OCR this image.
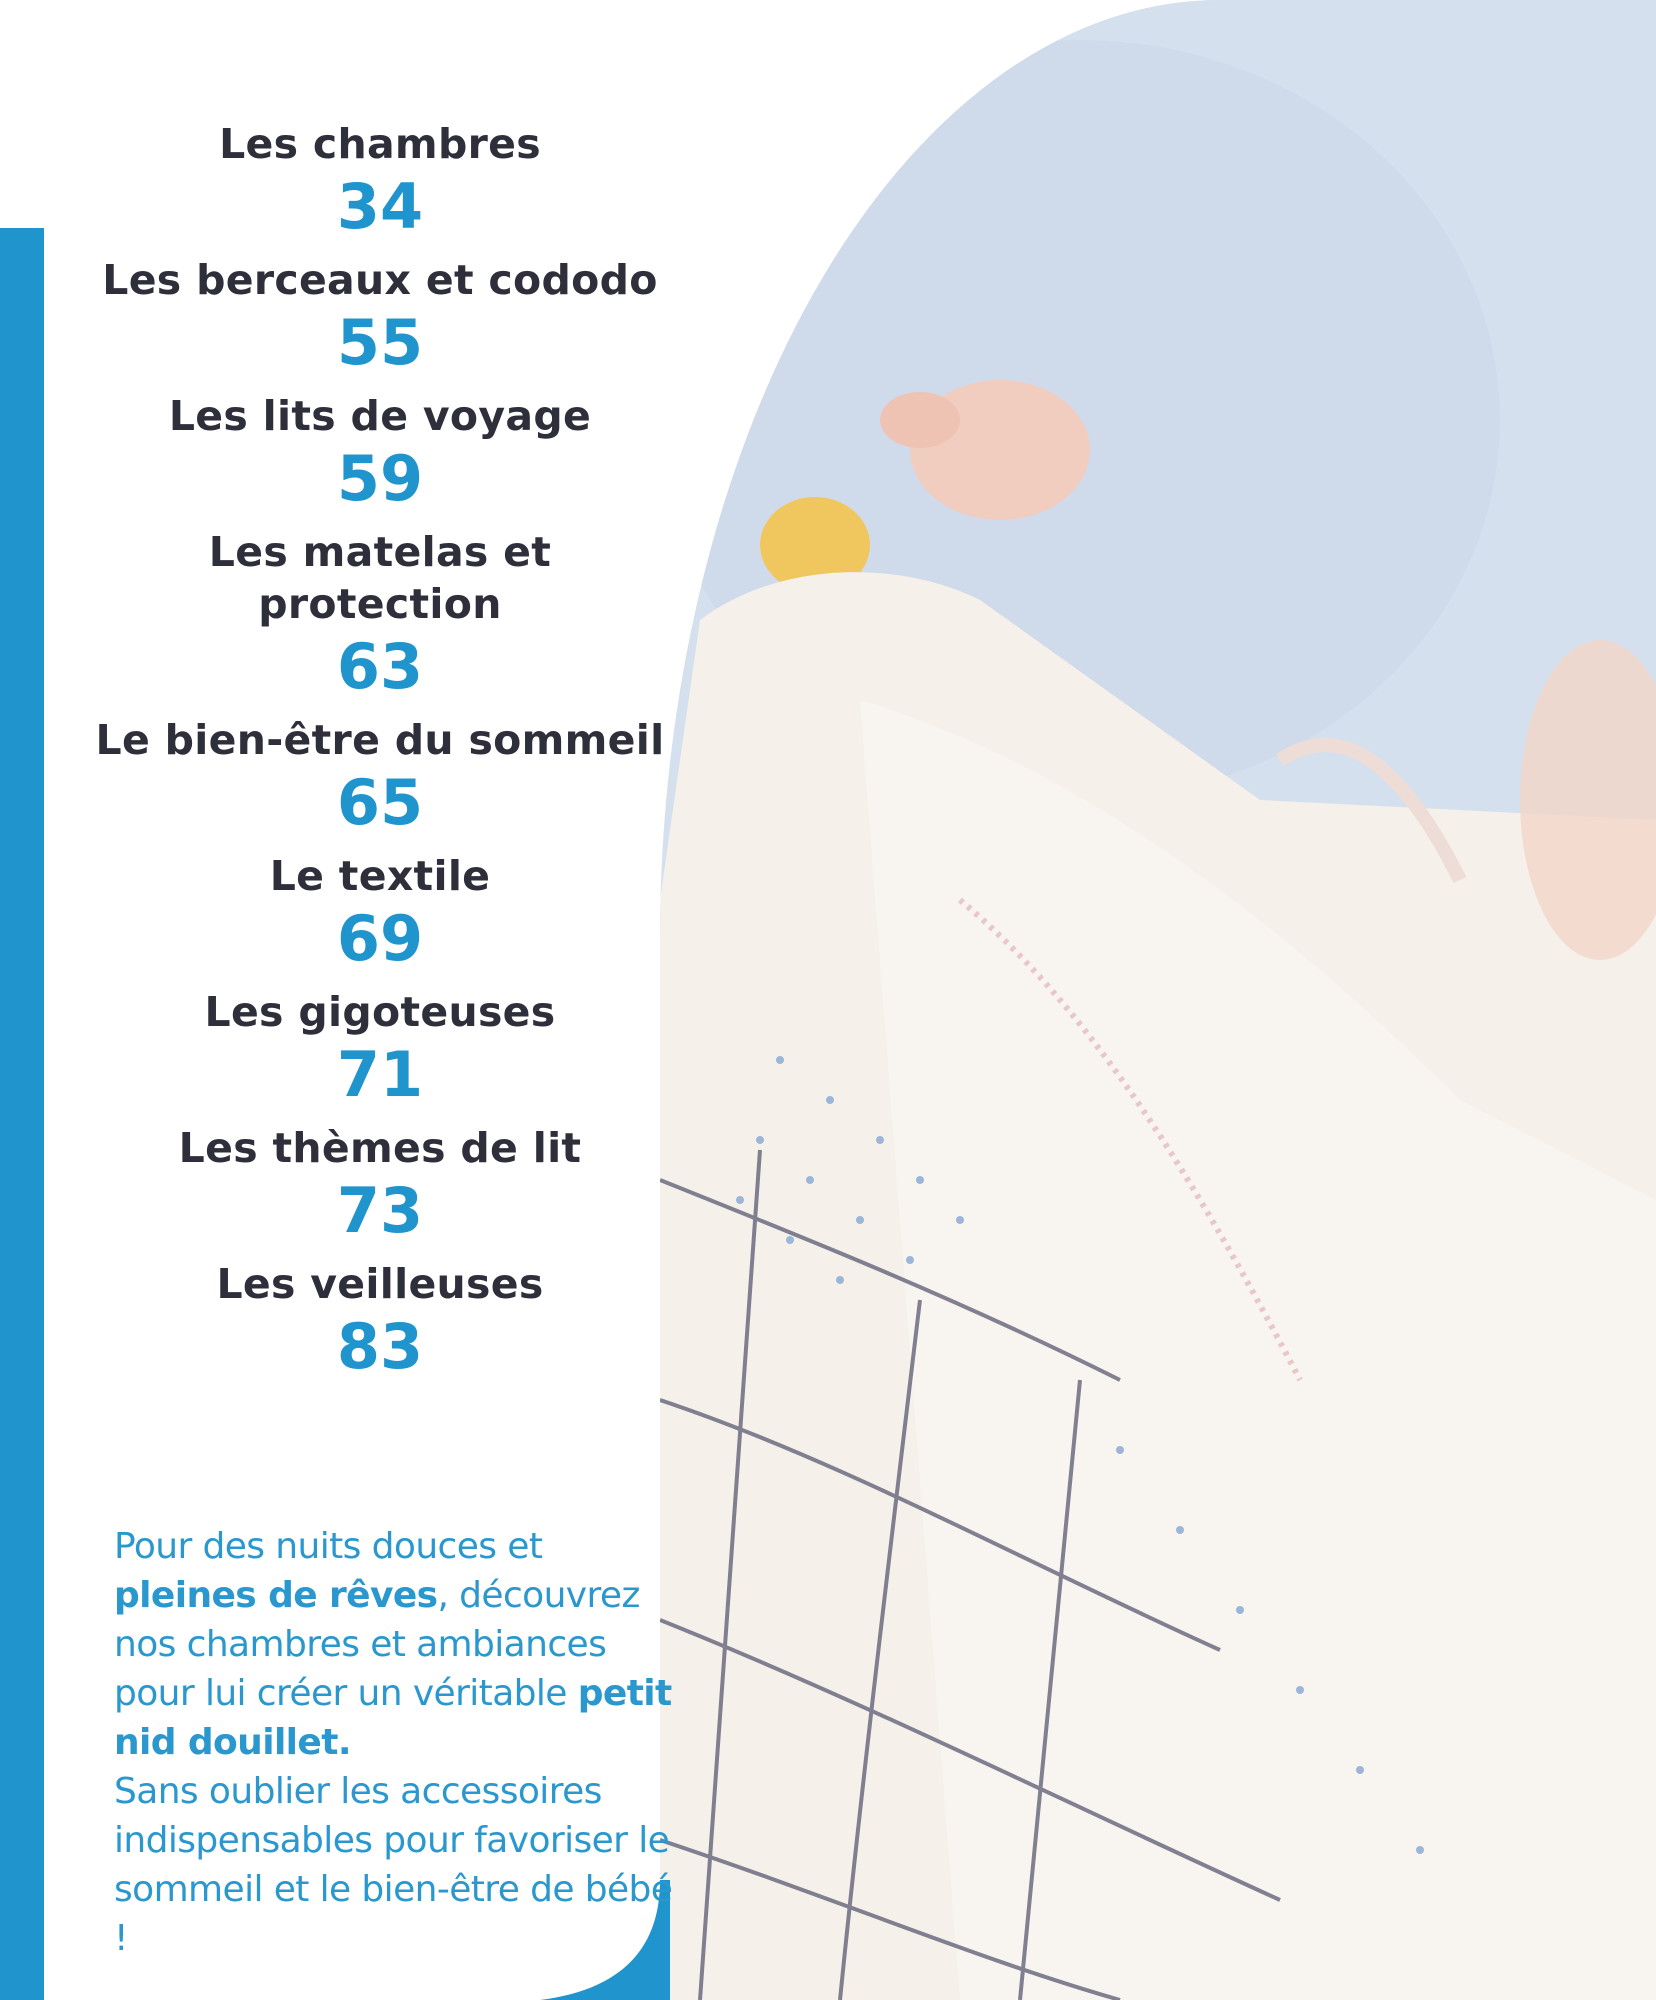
Les chambres
34
Les berceaux et cododo
55
Les lits de voyage
59
Les matelas et protection
63
Le bien-être du sommeil
65
Le textile
69
Les gigoteuses
71
Les thèmes de lit
73
Les veilleuses
83

Pour des nuits douces et pleines de rêves, découvrez nos chambres et ambiances pour lui créer un véritable petit nid douillet.
Sans oublier les accessoires indispensables pour favoriser le sommeil et le bien-être de bébé !
